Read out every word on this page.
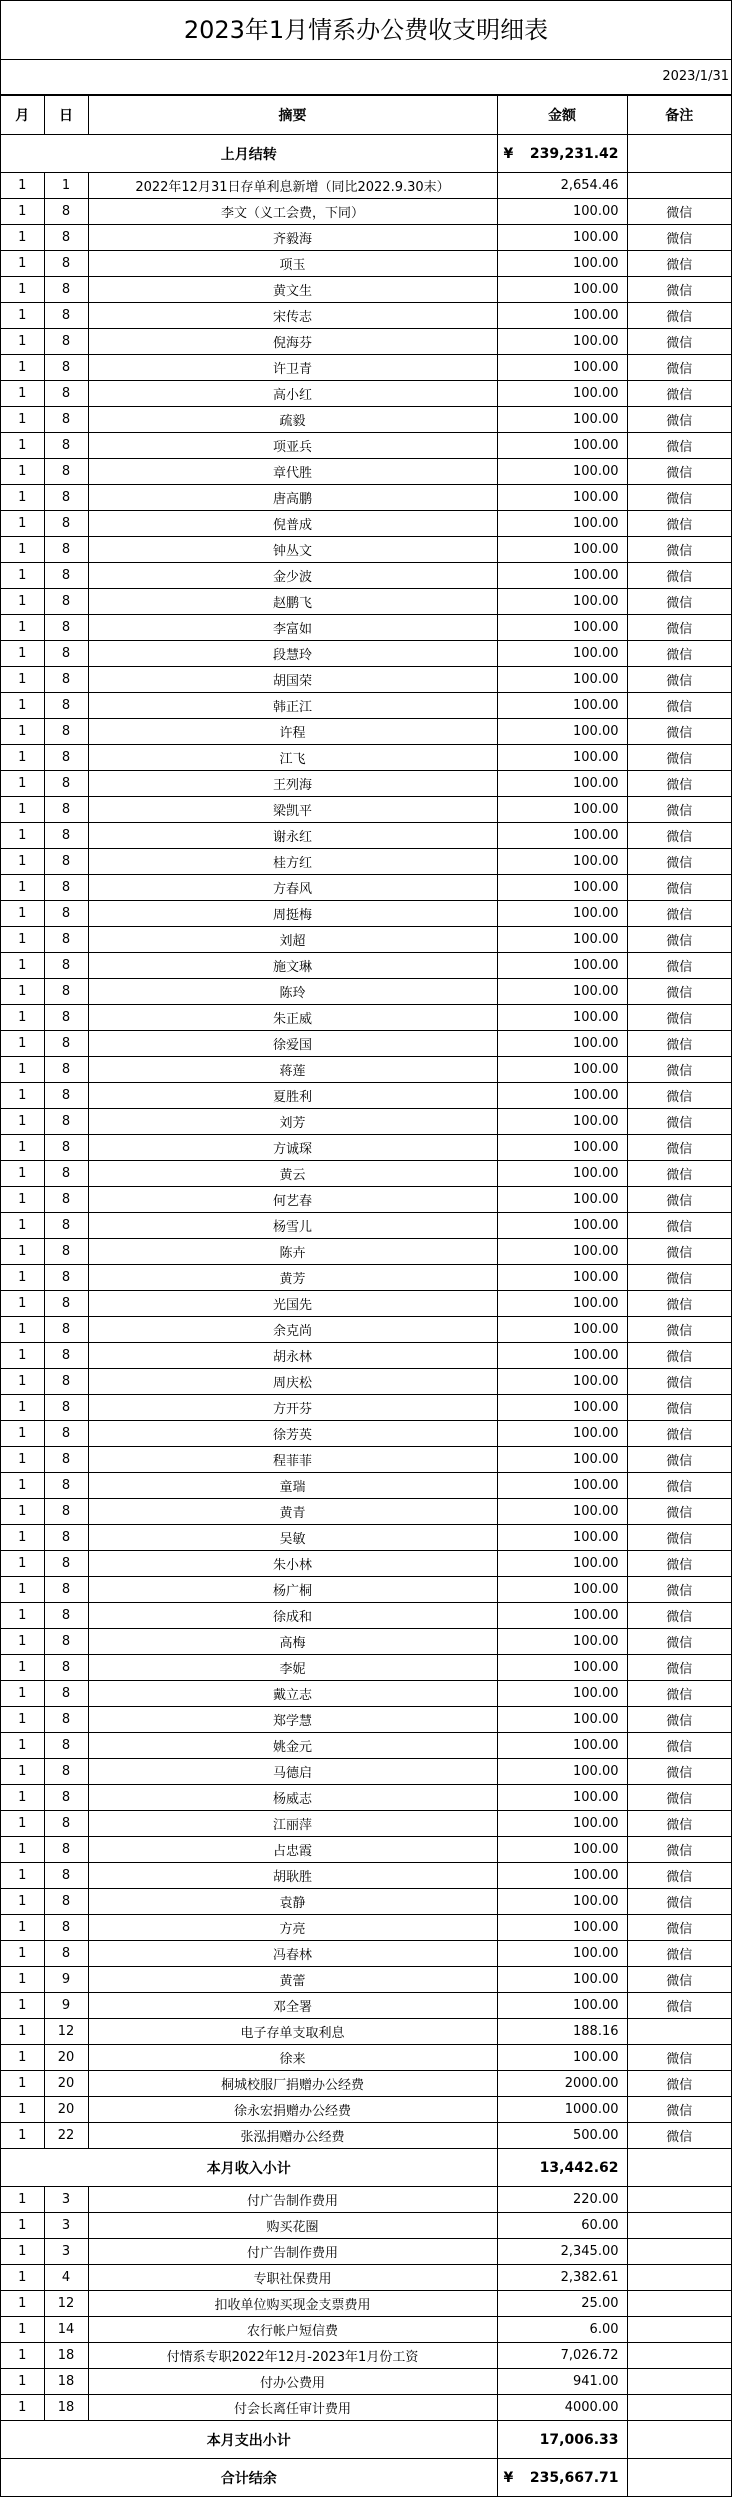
2023年1月情系办公费收支明细表
2023/1/31
月	日	摘要	金额	备注
上月结转			¥ 239,231.42	
1	1	2022年12月31日存单利息新增（同比2022.9.30末）	2,654.46	
1	8	李文（义工会费，下同）	100.00	微信
1	8	齐毅海	100.00	微信
1	8	项玉	100.00	微信
1	8	黄文生	100.00	微信
1	8	宋传志	100.00	微信
1	8	倪海芬	100.00	微信
1	8	许卫青	100.00	微信
1	8	高小红	100.00	微信
1	8	疏毅	100.00	微信
1	8	项亚兵	100.00	微信
1	8	章代胜	100.00	微信
1	8	唐高鹏	100.00	微信
1	8	倪普成	100.00	微信
1	8	钟丛文	100.00	微信
1	8	金少波	100.00	微信
1	8	赵鹏飞	100.00	微信
1	8	李富如	100.00	微信
1	8	段慧玲	100.00	微信
1	8	胡国荣	100.00	微信
1	8	韩正江	100.00	微信
1	8	许程	100.00	微信
1	8	江飞	100.00	微信
1	8	王列海	100.00	微信
1	8	梁凯平	100.00	微信
1	8	谢永红	100.00	微信
1	8	桂方红	100.00	微信
1	8	方春风	100.00	微信
1	8	周挺梅	100.00	微信
1	8	刘超	100.00	微信
1	8	施文琳	100.00	微信
1	8	陈玲	100.00	微信
1	8	朱正威	100.00	微信
1	8	徐爱国	100.00	微信
1	8	蒋莲	100.00	微信
1	8	夏胜利	100.00	微信
1	8	刘芳	100.00	微信
1	8	方诚琛	100.00	微信
1	8	黄云	100.00	微信
1	8	何艺春	100.00	微信
1	8	杨雪儿	100.00	微信
1	8	陈卉	100.00	微信
1	8	黄芳	100.00	微信
1	8	光国先	100.00	微信
1	8	余克尚	100.00	微信
1	8	胡永林	100.00	微信
1	8	周庆松	100.00	微信
1	8	方开芬	100.00	微信
1	8	徐芳英	100.00	微信
1	8	程菲菲	100.00	微信
1	8	童瑞	100.00	微信
1	8	黄青	100.00	微信
1	8	吴敏	100.00	微信
1	8	朱小林	100.00	微信
1	8	杨广桐	100.00	微信
1	8	徐成和	100.00	微信
1	8	高梅	100.00	微信
1	8	李妮	100.00	微信
1	8	戴立志	100.00	微信
1	8	郑学慧	100.00	微信
1	8	姚金元	100.00	微信
1	8	马德启	100.00	微信
1	8	杨威志	100.00	微信
1	8	江丽萍	100.00	微信
1	8	占忠霞	100.00	微信
1	8	胡耿胜	100.00	微信
1	8	袁静	100.00	微信
1	8	方亮	100.00	微信
1	8	冯春林	100.00	微信
1	9	黄蕾	100.00	微信
1	9	邓全署	100.00	微信
1	12	电子存单支取利息	188.16	
1	20	徐来	100.00	微信
1	20	桐城校服厂捐赠办公经费	2000.00	微信
1	20	徐永宏捐赠办公经费	1000.00	微信
1	22	张泓捐赠办公经费	500.00	微信
本月收入小计			13,442.62	
1	3	付广告制作费用	220.00	
1	3	购买花圈	60.00	
1	3	付广告制作费用	2,345.00	
1	4	专职社保费用	2,382.61	
1	12	扣收单位购买现金支票费用	25.00	
1	14	农行帐户短信费	6.00	
1	18	付情系专职2022年12月-2023年1月份工资	7,026.72	
1	18	付办公费用	941.00	
1	18	付会长离任审计费用	4000.00	
本月支出小计			17,006.33	
合计结余			¥ 235,667.71	
